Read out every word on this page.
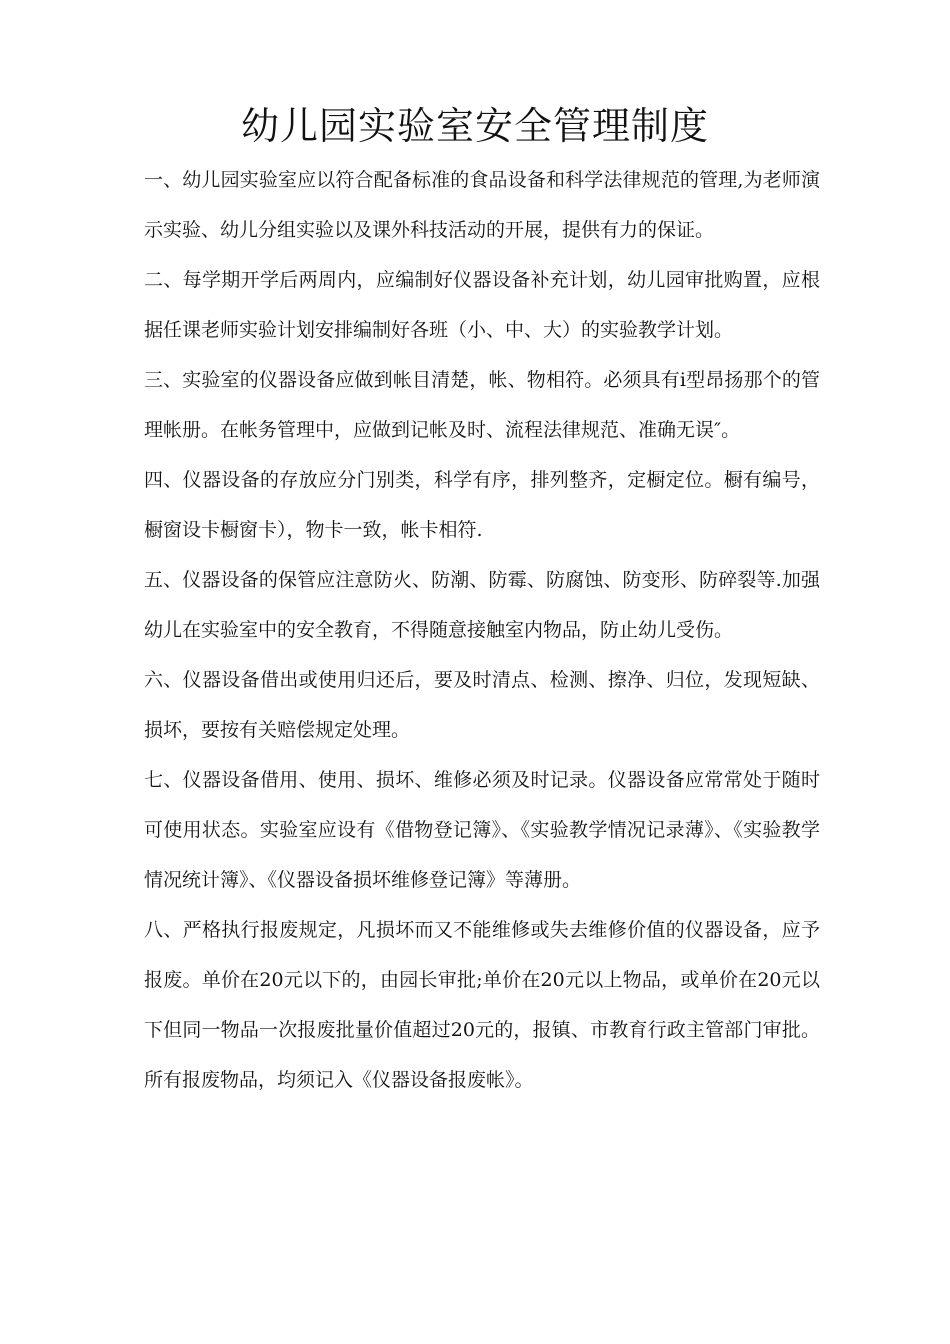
幼儿园实验室安全管理制度

一、幼儿园实验室应以符合配备标准的食品设备和科学法律规范的管理,为老师演示实验、幼儿分组实验以及课外科技活动的开展，提供有力的保证。

二、每学期开学后两周内，应编制好仪器设备补充计划，幼儿园审批购置，应根据任课老师实验计划安排编制好各班（小、中、大）的实验教学计划。

三、实验室的仪器设备应做到帐目清楚，帐、物相符。必须具有i型昂扬那个的管理帐册。在帐务管理中，应做到记帐及时、流程法律规范、准确无误″。

四、仪器设备的存放应分门别类，科学有序，排列整齐，定橱定位。橱有编号，橱窗设卡橱窗卡），物卡一致，帐卡相符.

五、仪器设备的保管应注意防火、防潮、防霉、防腐蚀、防变形、防碎裂等.加强幼儿在实验室中的安全教育，不得随意接触室内物品，防止幼儿受伤。

六、仪器设备借出或使用归还后，要及时清点、检测、擦净、归位，发现短缺、损坏，要按有关赔偿规定处理。

七、仪器设备借用、使用、损坏、维修必须及时记录。仪器设备应常常处于随时可使用状态。实验室应设有《借物登记簿》、《实验教学情况记录薄》、《实验教学情况统计簿》、《仪器设备损坏维修登记簿》等薄册。

八、严格执行报废规定，凡损坏而又不能维修或失去维修价值的仪器设备，应予报废。单价在20元以下的，由园长审批;单价在20元以上物品，或单价在20元以下但同一物品一次报废批量价值超过20元的，报镇、市教育行政主管部门审批。所有报废物品，均须记入《仪器设备报废帐》。
